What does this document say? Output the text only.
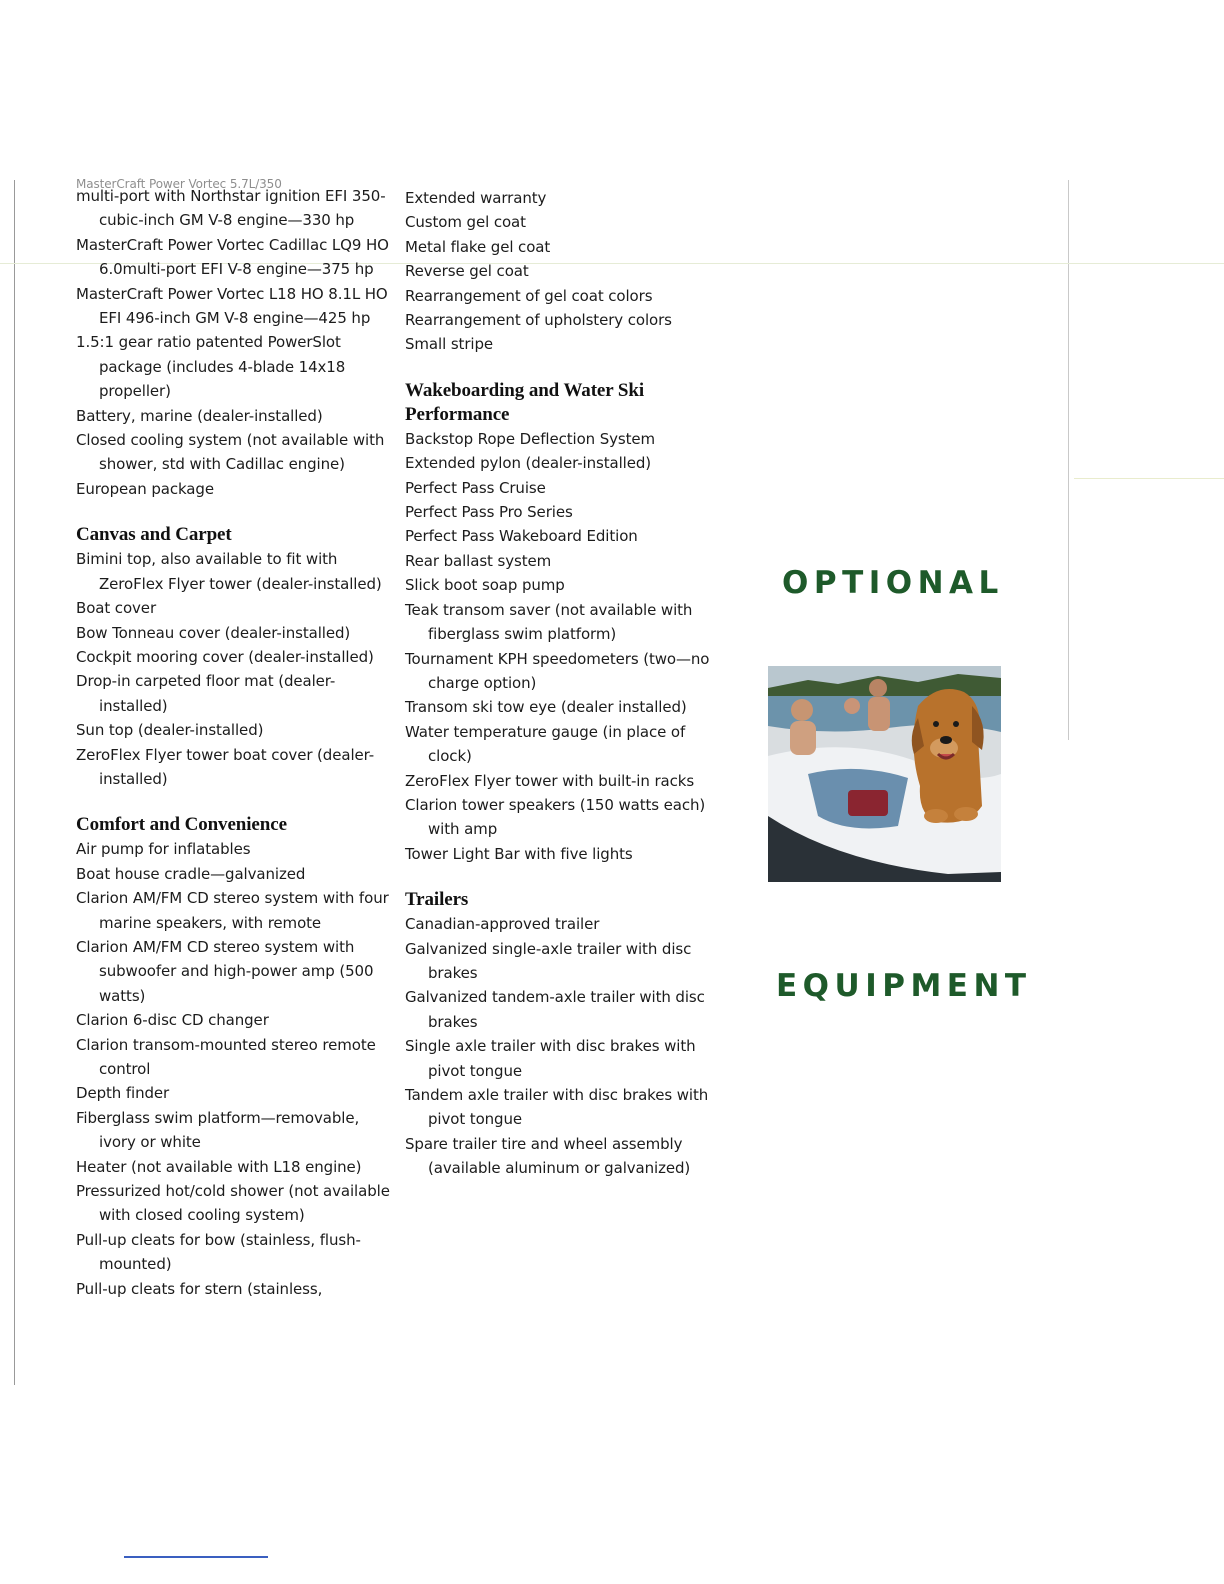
MasterCraft Power Vortec 5.7L/350
multi-port with Northstar ignition EFI 350-cubic-inch GM V-8 engine—330 hp
MasterCraft Power Vortec Cadillac LQ9 HO 6.0multi-port EFI V-8 engine—375 hp
MasterCraft Power Vortec L18 HO 8.1L HO EFI 496-inch GM V-8 engine—425 hp
1.5:1 gear ratio patented PowerSlot package (includes 4-blade 14x18 propeller)
Battery, marine (dealer-installed)
Closed cooling system (not available with shower, std with Cadillac engine)
European package
Canvas and Carpet
Bimini top, also available to fit with ZeroFlex Flyer tower (dealer-installed)
Boat cover
Bow Tonneau cover (dealer-installed)
Cockpit mooring cover (dealer-installed)
Drop-in carpeted floor mat (dealer-installed)
Sun top (dealer-installed)
ZeroFlex Flyer tower boat cover (dealer-installed)
Comfort and Convenience
Air pump for inflatables
Boat house cradle—galvanized
Clarion AM/FM CD stereo system with four marine speakers, with remote
Clarion AM/FM CD stereo system with subwoofer and high-power amp (500 watts)
Clarion 6-disc CD changer
Clarion transom-mounted stereo remote control
Depth finder
Fiberglass swim platform—removable, ivory or white
Heater (not available with L18 engine)
Pressurized hot/cold shower (not available with closed cooling system)
Pull-up cleats for bow (stainless, flush-mounted)
Pull-up cleats for stern (stainless,
Extended warranty
Custom gel coat
Metal flake gel coat
Reverse gel coat
Rearrangement of gel coat colors
Rearrangement of upholstery colors
Small stripe
Wakeboarding and Water Ski Performance
Backstop Rope Deflection System
Extended pylon (dealer-installed)
Perfect Pass Cruise
Perfect Pass Pro Series
Perfect Pass Wakeboard Edition
Rear ballast system
Slick boot soap pump
Teak transom saver (not available with fiberglass swim platform)
Tournament KPH speedometers (two—no charge option)
Transom ski tow eye (dealer installed)
Water temperature gauge (in place of clock)
ZeroFlex Flyer tower with built-in racks
Clarion tower speakers (150 watts each) with amp
Tower Light Bar with five lights
Trailers
Canadian-approved trailer
Galvanized single-axle trailer with disc brakes
Galvanized tandem-axle trailer with disc brakes
Single axle trailer with disc brakes with pivot tongue
Tandem axle trailer with disc brakes with pivot tongue
Spare trailer tire and wheel assembly (available aluminum or galvanized)
OPTIONAL
EQUIPMENT
